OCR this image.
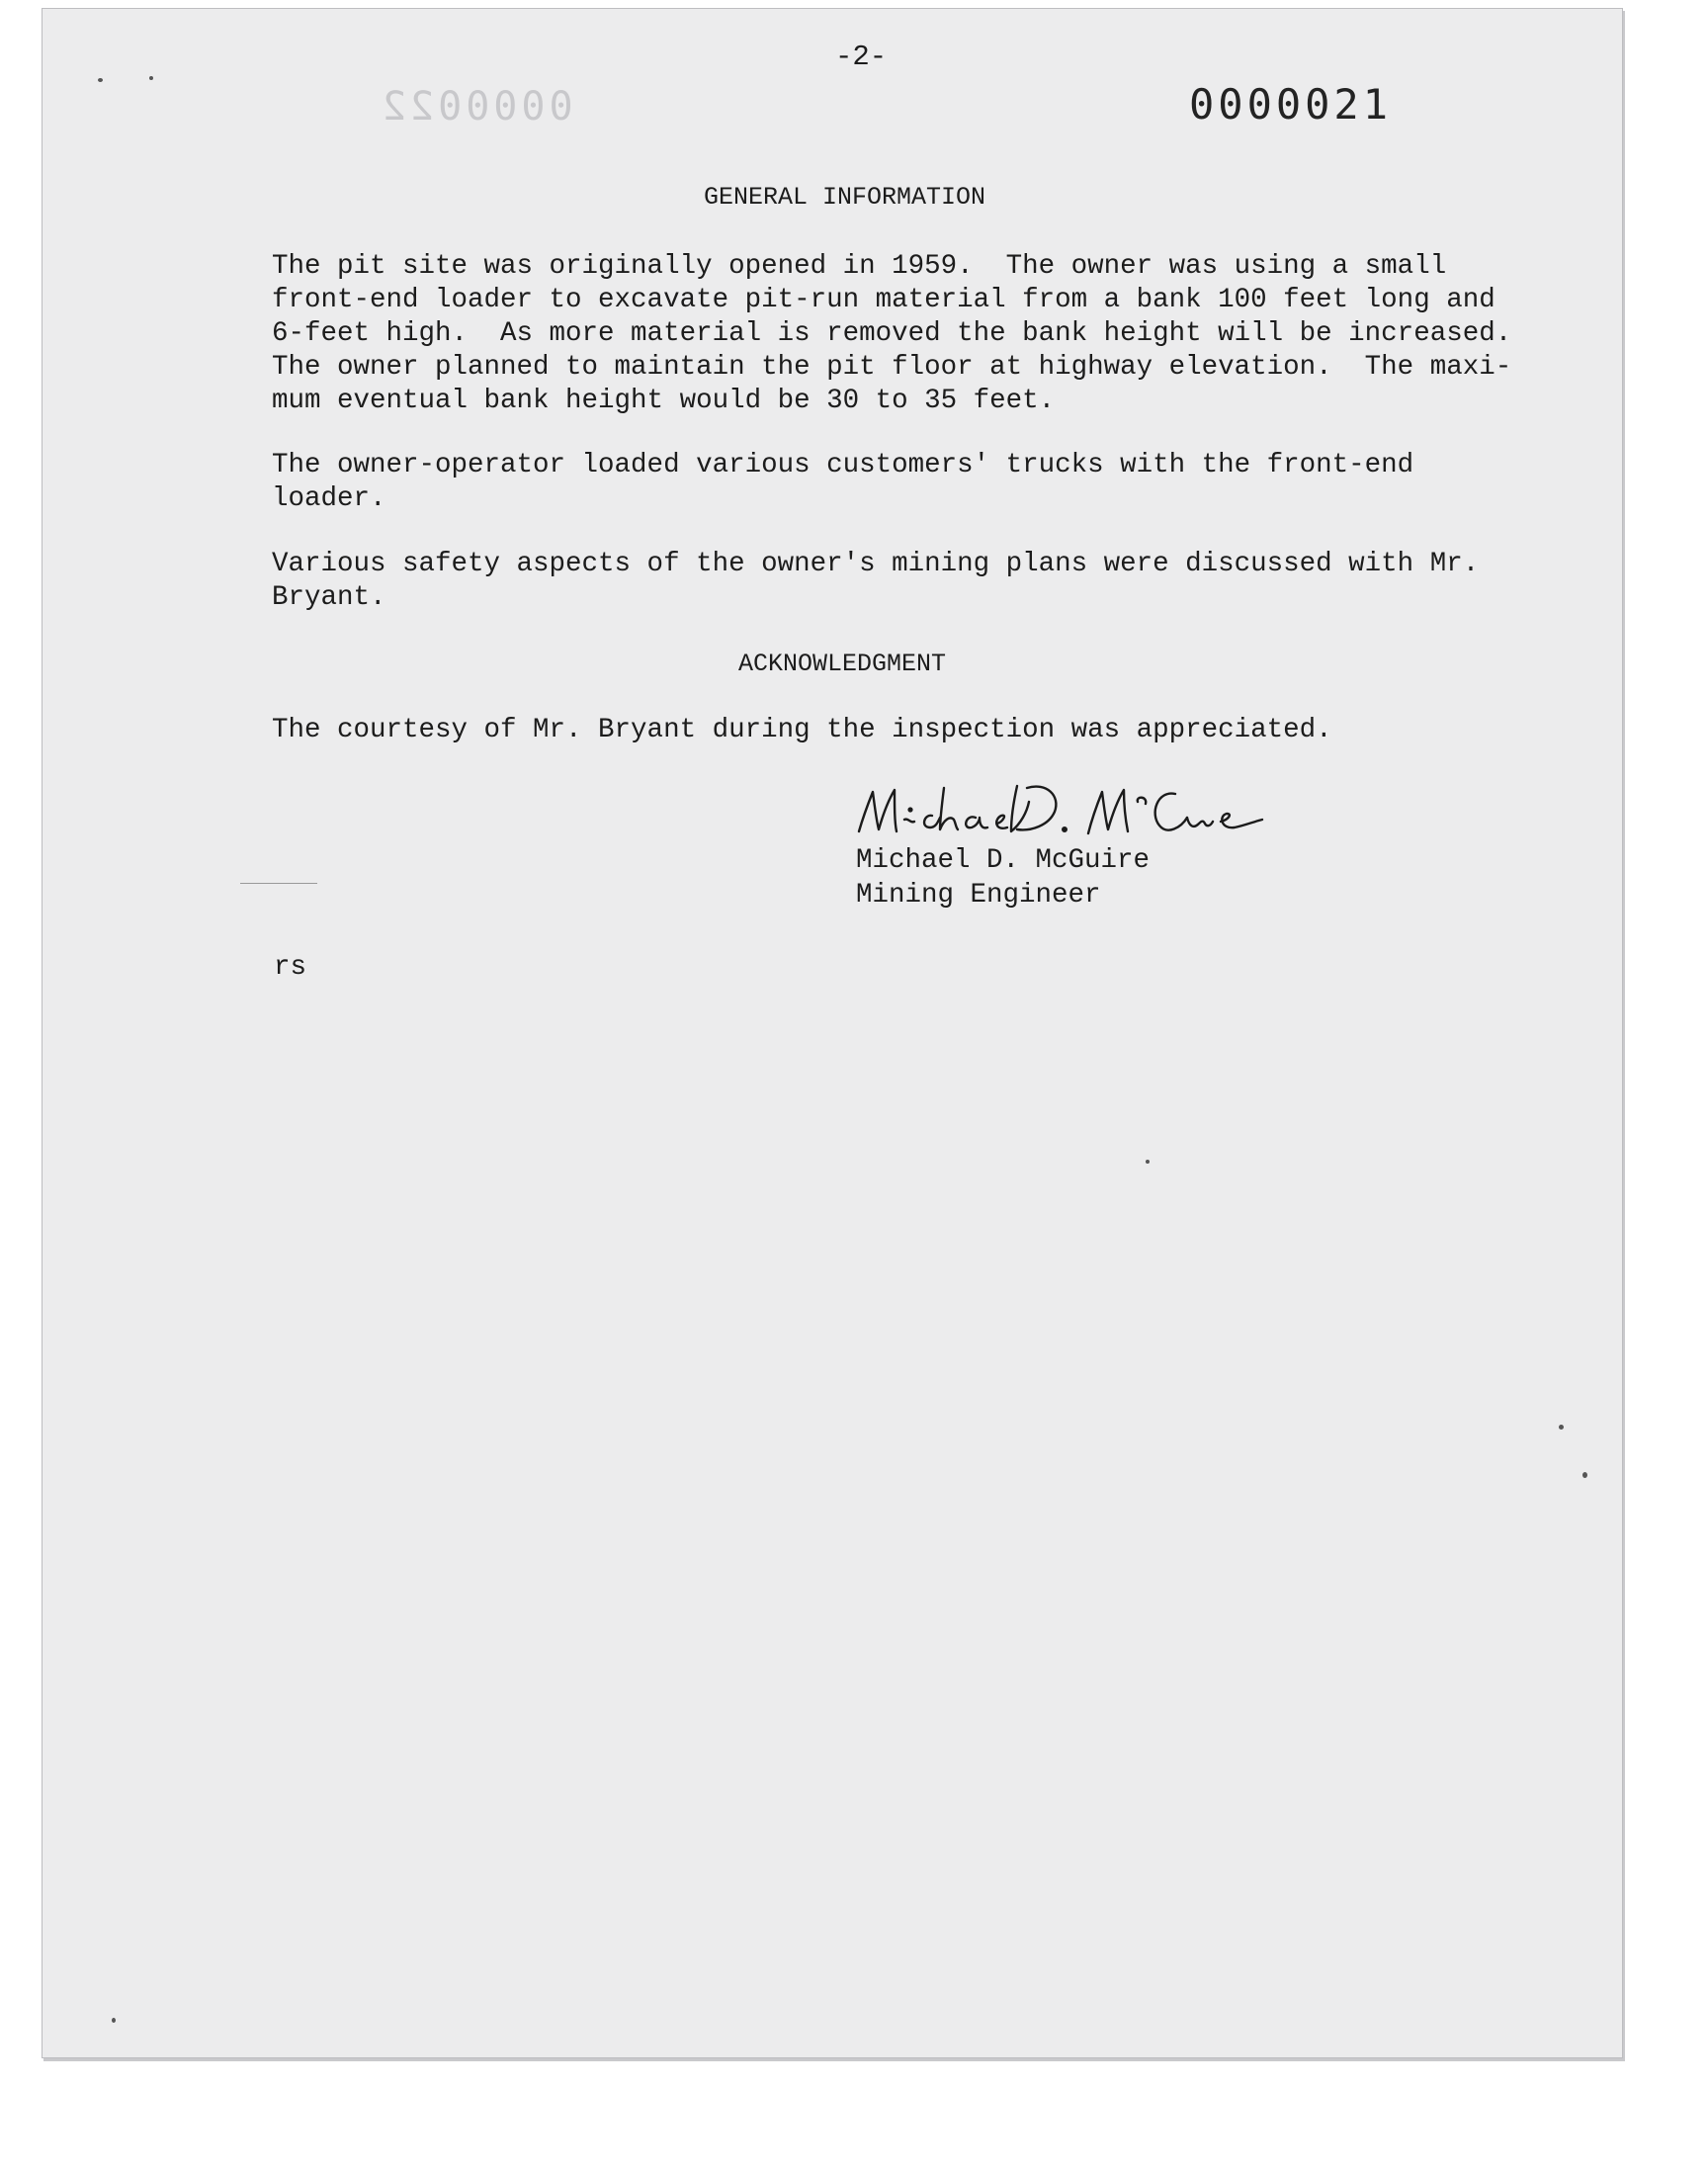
-2-
0000022	0000021
GENERAL INFORMATION

The pit site was originally opened in 1959.  The owner was using a small
front-end loader to excavate pit-run material from a bank 100 feet long and
6-feet high.  As more material is removed the bank height will be increased.
The owner planned to maintain the pit floor at highway elevation.  The maxi-
mum eventual bank height would be 30 to 35 feet.

The owner-operator loaded various customers' trucks with the front-end
loader.

Various safety aspects of the owner's mining plans were discussed with Mr.
Bryant.

ACKNOWLEDGMENT

The courtesy of Mr. Bryant during the inspection was appreciated.

Michael D. McGuire
Mining Engineer
rs
